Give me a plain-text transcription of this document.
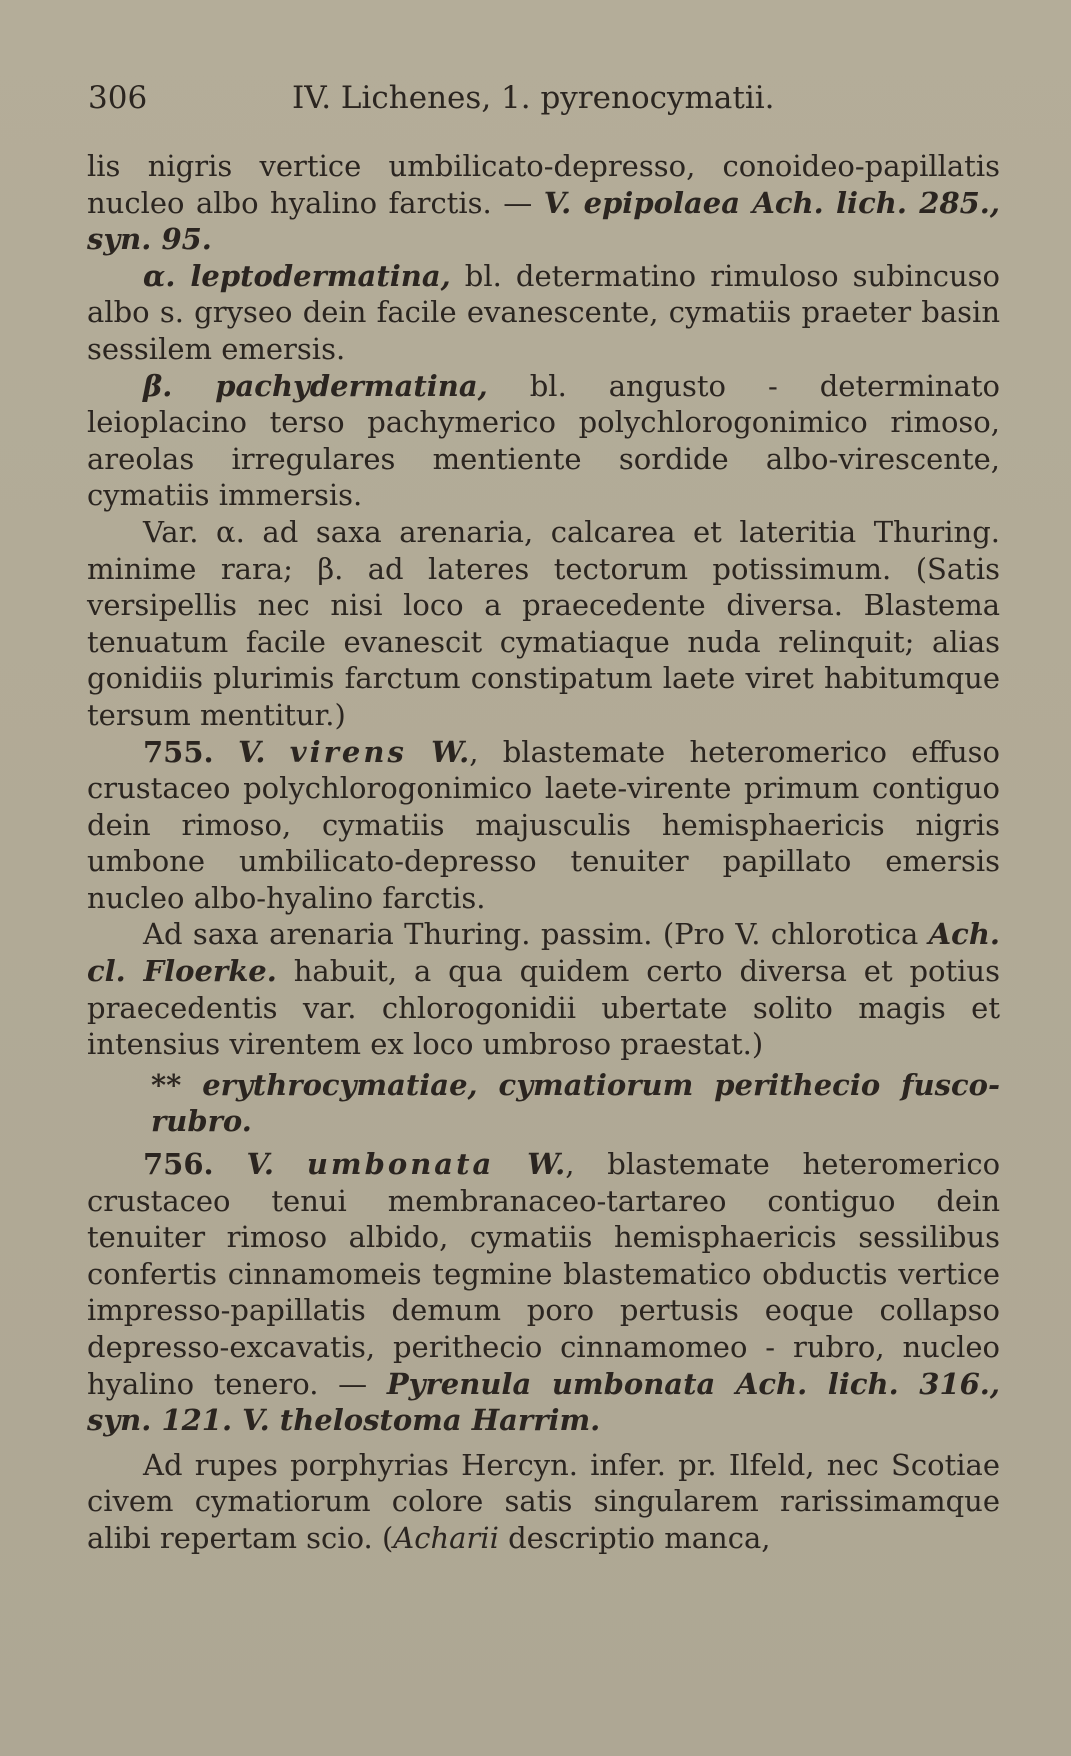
306	IV. Lichenes, 1. pyrenocymatii.

lis nigris vertice umbilicato-depresso, conoideo-papillatis nucleo albo hyalino farctis. — V. epipolaea Ach. lich. 285., syn. 95.

α. leptodermatina, bl. determatino rimuloso subincuso albo s. gryseo dein facile evanescente, cymatiis praeter basin sessilem emersis.

β. pachydermatina, bl. angusto - determinato leioplacino terso pachymerico polychlorogonimico rimoso, areolas irregulares mentiente sordide albo-virescente, cymatiis immersis.

Var. α. ad saxa arenaria, calcarea et lateritia Thuring. minime rara; β. ad lateres tectorum potissimum. (Satis versipellis nec nisi loco a praecedente diversa. Blastema tenuatum facile evanescit cymatiaque nuda relinquit; alias gonidiis plurimis farctum constipatum laete viret habitumque tersum mentitur.)

755. V. virens W., blastemate heteromerico effuso crustaceo polychlorogonimico laete-virente primum contiguo dein rimoso, cymatiis majusculis hemisphaericis nigris umbone umbilicato-depresso tenuiter papillato emersis nucleo albo-hyalino farctis.

Ad saxa arenaria Thuring. passim. (Pro V. chlorotica Ach. cl. Floerke. habuit, a qua quidem certo diversa et potius praecedentis var. chlorogonidii ubertate solito magis et intensius virentem ex loco umbroso praestat.)

** erythrocymatiae, cymatiorum perithecio fusco-rubro.

756. V. umbonata W., blastemate heteromerico crustaceo tenui membranaceo-tartareo contiguo dein tenuiter rimoso albido, cymatiis hemisphaericis sessilibus confertis cinnamomeis tegmine blastematico obductis vertice impresso-papillatis demum poro pertusis eoque collapso depresso-excavatis, perithecio cinnamomeo - rubro, nucleo hyalino tenero. — Pyrenula umbonata Ach. lich. 316., syn. 121. V. thelostoma Harrim.

Ad rupes porphyrias Hercyn. infer. pr. Ilfeld, nec Scotiae civem cymatiorum colore satis singularem rarissimamque alibi repertam scio. (Acharii descriptio manca,
